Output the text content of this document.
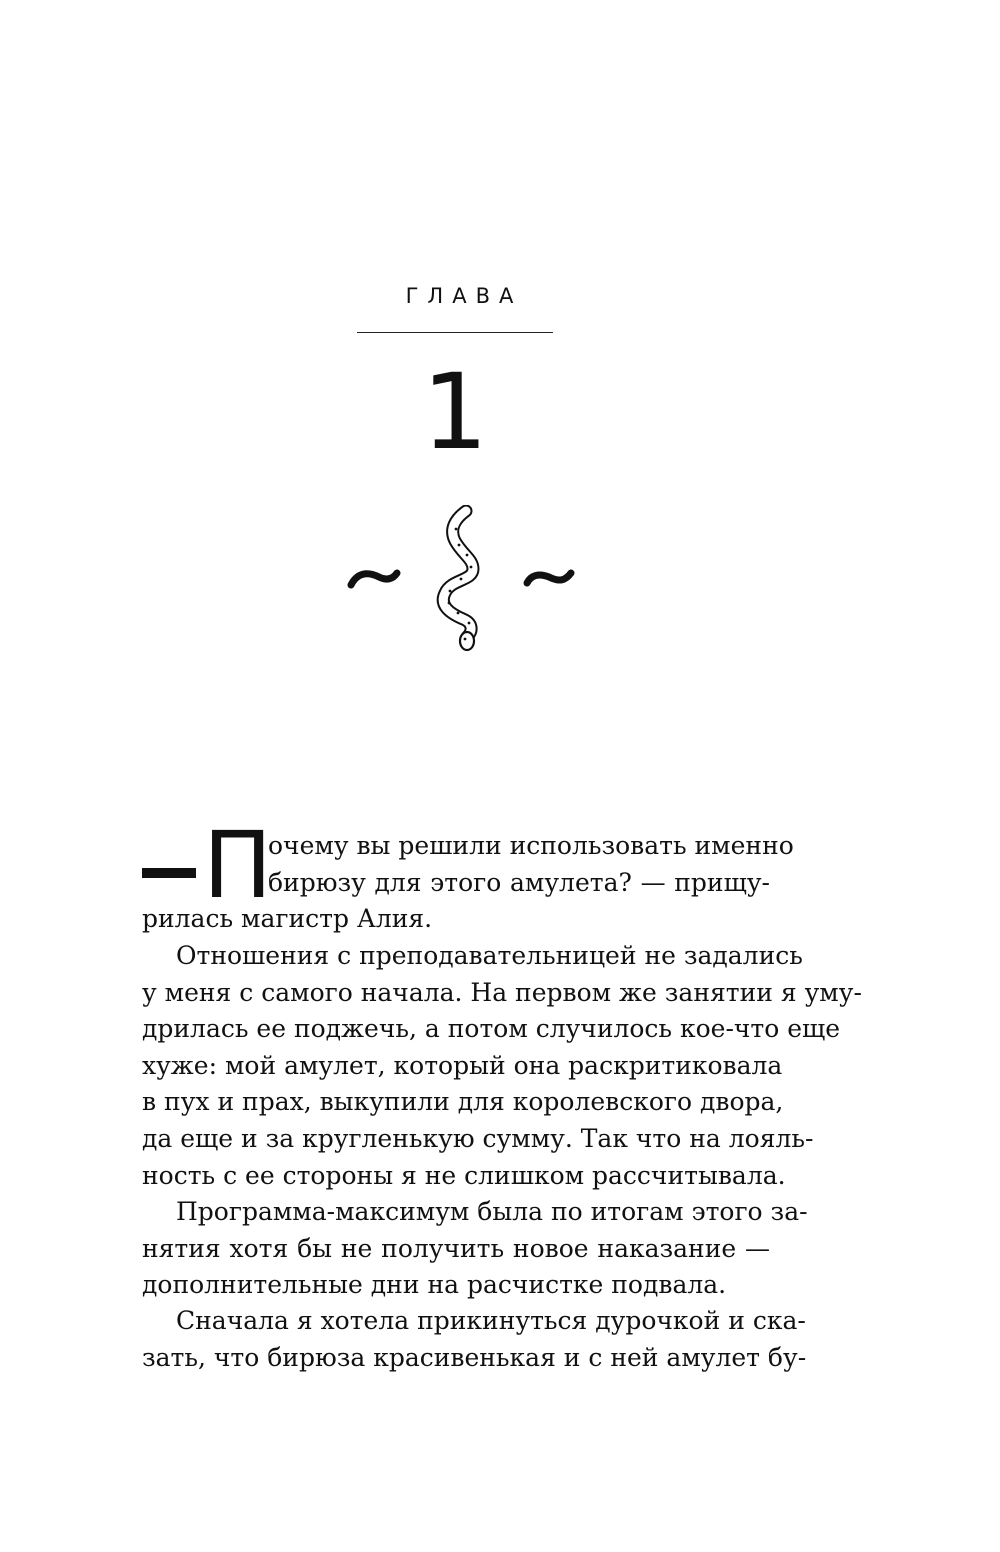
ГЛАВА
1
П
очему вы решили использовать именно
бирюзу для этого амулета? — прищу-
рилась магистр Алия.
Отношения с преподавательницей не задались
у меня с самого начала. На первом же занятии я уму-
дрилась ее поджечь, а потом случилось кое-что еще
хуже: мой амулет, который она раскритиковала
в пух и прах, выкупили для королевского двора,
да еще и за кругленькую сумму. Так что на лояль-
ность с ее стороны я не слишком рассчитывала.
Программа-максимум была по итогам этого за-
нятия хотя бы не получить новое наказание —
дополнительные дни на расчистке подвала.
Сначала я хотела прикинуться дурочкой и ска-
зать, что бирюза красивенькая и с ней амулет бу-
